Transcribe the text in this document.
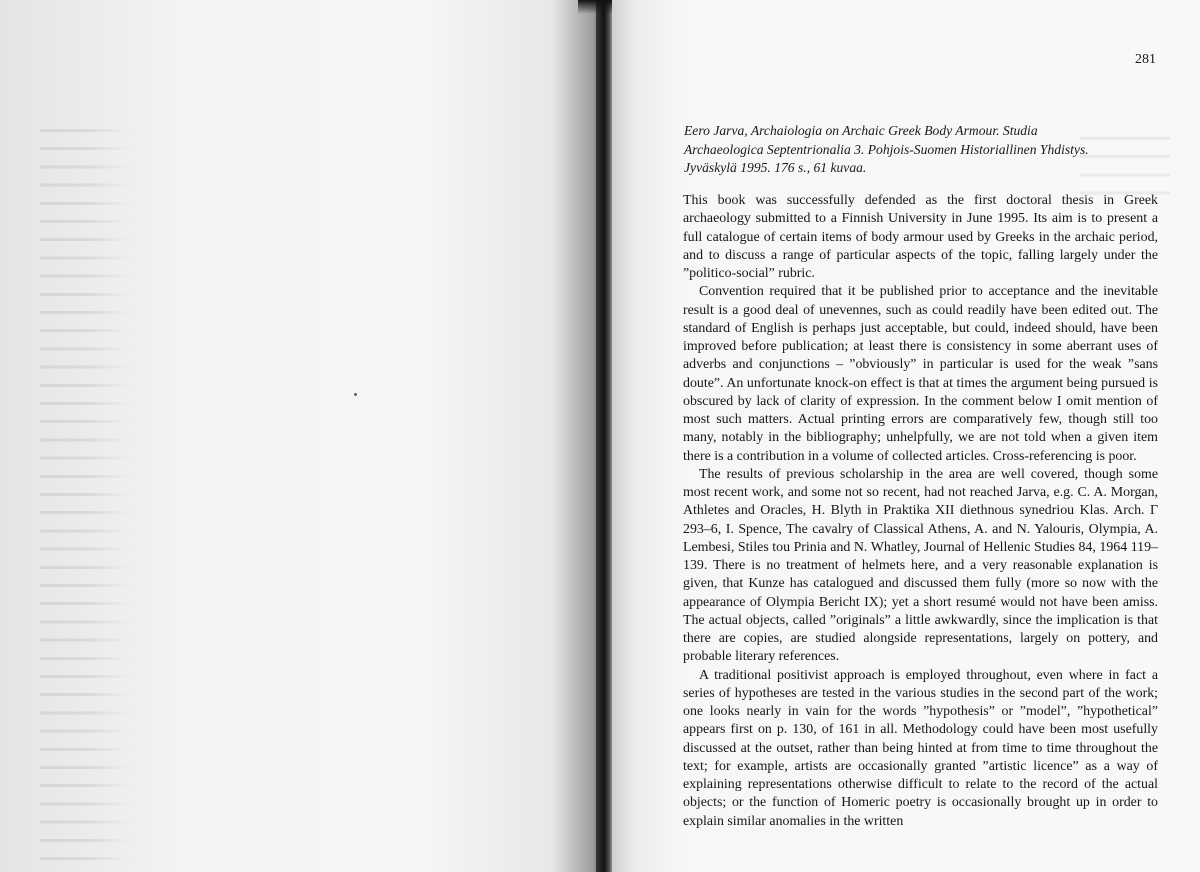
281
Eero Jarva, Archaiologia on Archaic Greek Body Armour. Studia
Archaeologica Septentrionalia 3. Pohjois-Suomen Historiallinen Yhdistys.
Jyväskylä 1995. 176 s., 61 kuvaa.

This book was successfully defended as the first doctoral thesis in Greek archaeology submitted to a Finnish University in June 1995. Its aim is to present a full catalogue of certain items of body armour used by Greeks in the archaic period, and to discuss a range of particular aspects of the topic, falling largely under the ”politico-social” rubric.

Convention required that it be published prior to acceptance and the inevitable result is a good deal of unevennes, such as could readily have been edited out. The standard of English is perhaps just acceptable, but could, indeed should, have been improved before publication; at least there is consistency in some aberrant uses of adverbs and conjunctions – ”obviously” in particular is used for the weak ”sans doute”. An unfortunate knock-on effect is that at times the argument being pursued is obscured by lack of clarity of expression. In the comment below I omit mention of most such matters. Actual printing errors are comparatively few, though still too many, notably in the bibliography; unhelpfully, we are not told when a given item there is a contribution in a volume of collected articles. Cross-referencing is poor.

The results of previous scholarship in the area are well covered, though some most recent work, and some not so recent, had not reached Jarva, e.g. C. A. Morgan, Athletes and Oracles, H. Blyth in Praktika XII diethnous synedriou Klas. Arch. Γ 293–6, I. Spence, The cavalry of Classical Athens, A. and N. Yalouris, Olympia, A. Lembesi, Stiles tou Prinia and N. Whatley, Journal of Hellenic Studies 84, 1964 119–139. There is no treatment of helmets here, and a very reasonable explanation is given, that Kunze has catalogued and discussed them fully (more so now with the appearance of Olympia Bericht IX); yet a short resumé would not have been amiss. The actual objects, called ”originals” a little awkwardly, since the implication is that there are copies, are studied alongside representations, largely on pottery, and probable literary references.

A traditional positivist approach is employed throughout, even where in fact a series of hypotheses are tested in the various studies in the second part of the work; one looks nearly in vain for the words ”hypothesis” or ”model”, ”hypothetical” appears first on p. 130, of 161 in all. Methodology could have been most usefully discussed at the outset, rather than being hinted at from time to time throughout the text; for example, artists are occasionally granted ”artistic licence” as a way of explaining representations otherwise difficult to relate to the record of the actual objects; or the function of Homeric poetry is occasionally brought up in order to explain similar anomalies in the written
